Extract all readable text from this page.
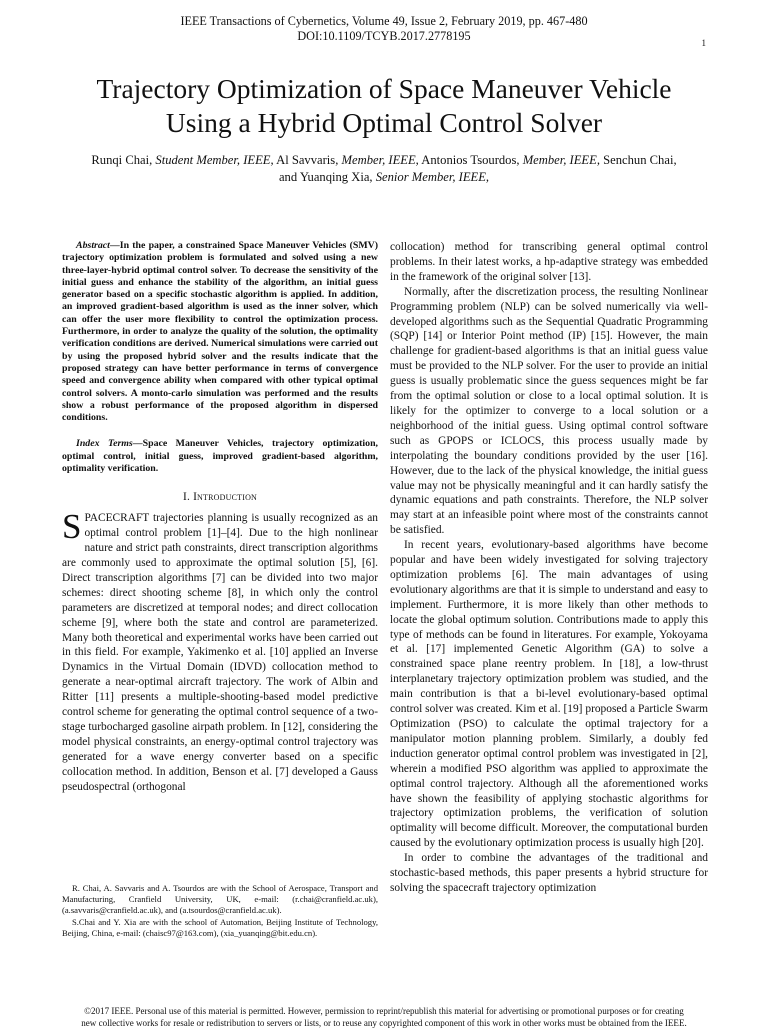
IEEE Transactions of Cybernetics, Volume 49, Issue 2, February 2019, pp. 467-480
DOI:10.1109/TCYB.2017.2778195	1
Trajectory Optimization of Space Maneuver Vehicle
Using a Hybrid Optimal Control Solver
Runqi Chai, Student Member, IEEE, Al Savvaris, Member, IEEE, Antonios Tsourdos, Member, IEEE, Senchun Chai,
and Yuanqing Xia, Senior Member, IEEE,

Abstract—In the paper, a constrained Space Maneuver Vehicles (SMV) trajectory optimization problem is formulated and solved using a new three-layer-hybrid optimal control solver. To decrease the sensitivity of the initial guess and enhance the stability of the algorithm, an initial guess generator based on a specific stochastic algorithm is applied. In addition, an improved gradient-based algorithm is used as the inner solver, which can offer the user more flexibility to control the optimization process. Furthermore, in order to analyze the quality of the solution, the optimality verification conditions are derived. Numerical simulations were carried out by using the proposed hybrid solver and the results indicate that the proposed strategy can have better performance in terms of convergence speed and convergence ability when compared with other typical optimal control solvers. A monto-carlo simulation was performed and the results show a robust performance of the proposed algorithm in dispersed conditions.

Index Terms—Space Maneuver Vehicles, trajectory optimization, optimal control, initial guess, improved gradient-based algorithm, optimality verification.

I. Introduction

SPACECRAFT trajectories planning is usually recognized as an optimal control problem [1]–[4]. Due to the high nonlinear nature and strict path constraints, direct transcription algorithms are commonly used to approximate the optimal solution [5], [6]. Direct transcription algorithms [7] can be divided into two major schemes: direct shooting scheme [8], in which only the control parameters are discretized at temporal nodes; and direct collocation scheme [9], where both the state and control are parameterized. Many both theoretical and experimental works have been carried out in this field. For example, Yakimenko et al. [10] applied an Inverse Dynamics in the Virtual Domain (IDVD) collocation method to generate a near-optimal aircraft trajectory. The work of Albin and Ritter [11] presents a multiple-shooting-based model predictive control scheme for generating the optimal control sequence of a two-stage turbocharged gasoline airpath problem. In [12], considering the model physical constraints, an energy-optimal control trajectory was generated for a wave energy converter based on a specific collocation method. In addition, Benson et al. [7] developed a Gauss pseudospectral (orthogonal

R. Chai, A. Savvaris and A. Tsourdos are with the School of Aerospace, Transport and Manufacturing, Cranfield University, UK, e-mail: (r.chai@cranfield.ac.uk), (a.savvaris@cranfield.ac.uk), and (a.tsourdos@cranfield.ac.uk).

S.Chai and Y. Xia are with the school of Automation, Beijing Institute of Technology, Beijing, China, e-mail: (chaisc97@163.com), (xia_yuanqing@bit.edu.cn).

collocation) method for transcribing general optimal control problems. In their latest works, a hp-adaptive strategy was embedded in the framework of the original solver [13].

Normally, after the discretization process, the resulting Nonlinear Programming problem (NLP) can be solved numerically via well-developed algorithms such as the Sequential Quadratic Programming (SQP) [14] or Interior Point method (IP) [15]. However, the main challenge for gradient-based algorithms is that an initial guess value must be provided to the NLP solver. For the user to provide an initial guess is usually problematic since the guess sequences might be far from the optimal solution or close to a local optimal solution. It is likely for the optimizer to converge to a local solution or a neighborhood of the initial guess. Using optimal control software such as GPOPS or ICLOCS, this process usually made by interpolating the boundary conditions provided by the user [16]. However, due to the lack of the physical knowledge, the initial guess value may not be physically meaningful and it can hardly satisfy the dynamic equations and path constraints. Therefore, the NLP solver may start at an infeasible point where most of the constraints cannot be satisfied.

In recent years, evolutionary-based algorithms have become popular and have been widely investigated for solving trajectory optimization problems [6]. The main advantages of using evolutionary algorithms are that it is simple to understand and easy to implement. Furthermore, it is more likely than other methods to locate the global optimum solution. Contributions made to apply this type of methods can be found in literatures. For example, Yokoyama et al. [17] implemented Genetic Algorithm (GA) to solve a constrained space plane reentry problem. In [18], a low-thrust interplanetary trajectory optimization problem was studied, and the main contribution is that a bi-level evolutionary-based optimal control solver was created. Kim et al. [19] proposed a Particle Swarm Optimization (PSO) to calculate the optimal trajectory for a manipulator motion planning problem. Similarly, a doubly fed induction generator optimal control problem was investigated in [2], wherein a modified PSO algorithm was applied to approximate the optimal control trajectory. Although all the aforementioned works have shown the feasibility of applying stochastic algorithms for trajectory optimization problems, the verification of solution optimality will become difficult. Moreover, the computational burden caused by the evolutionary optimization process is usually high [20].

In order to combine the advantages of the traditional and stochastic-based methods, this paper presents a hybrid structure for solving the spacecraft trajectory optimization

©2017 IEEE. Personal use of this material is permitted. However, permission to reprint/republish this material for advertising or promotional purposes or for creating
new collective works for resale or redistribution to servers or lists, or to reuse any copyrighted component of this work in other works must be obtained from the IEEE.
